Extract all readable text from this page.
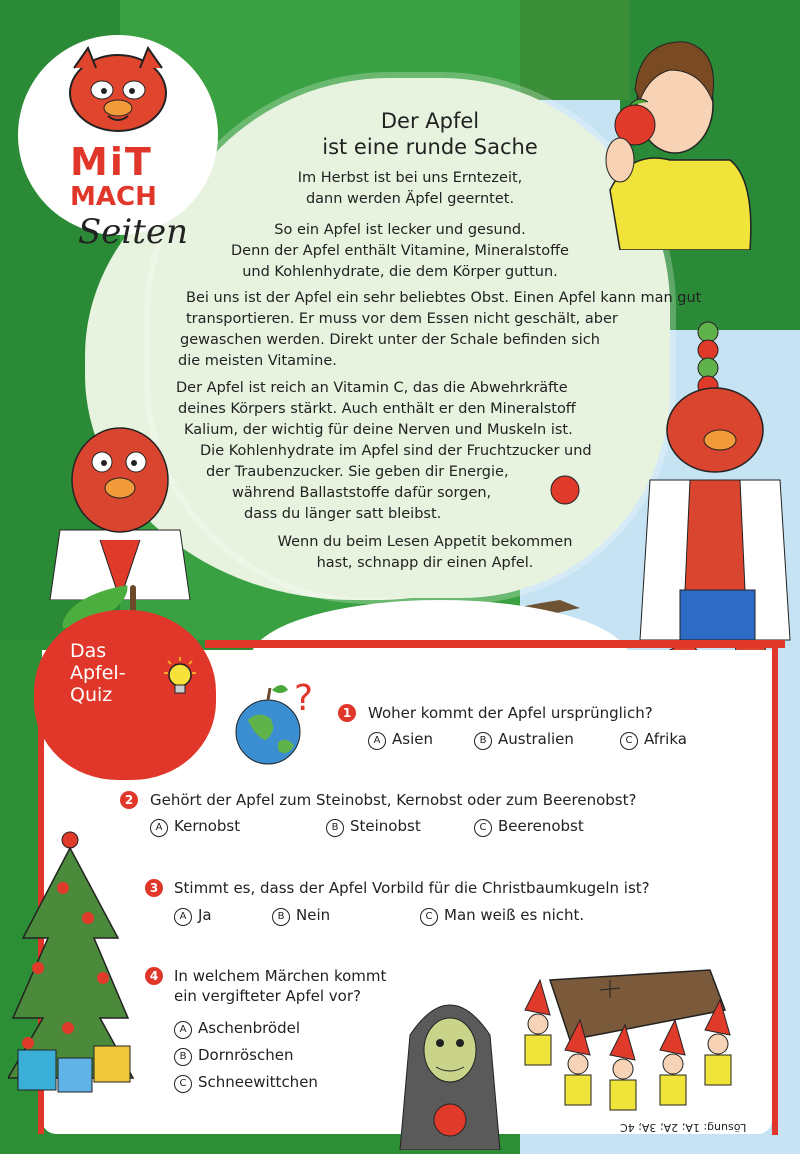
MiT
MACH
Seiten
Der Apfel
ist eine runde Sache
Im Herbst ist bei uns Erntezeit,
dann werden Äpfel geerntet.
So ein Apfel ist lecker und gesund.
Denn der Apfel enthält Vitamine, Mineralstoffe
und Kohlenhydrate, die dem Körper guttun.
Bei uns ist der Apfel ein sehr beliebtes Obst. Einen Apfel kann man gut
transportieren. Er muss vor dem Essen nicht geschält, aber
gewaschen werden. Direkt unter der Schale befinden sich
die meisten Vitamine.
Der Apfel ist reich an Vitamin C, das die Abwehrkräfte
deines Körpers stärkt. Auch enthält er den Mineralstoff
Kalium, der wichtig für deine Nerven und Muskeln ist.
Die Kohlenhydrate im Apfel sind der Fruchtzucker und
der Traubenzucker. Sie geben dir Energie,
während Ballaststoffe dafür sorgen,
dass du länger satt bleibst.
Wenn du beim Lesen Appetit bekommen
hast, schnapp dir einen Apfel.
Das
Apfel-
Quiz	?	1	Woher kommt der Apfel ursprünglich?
A Asien	B Australien	C Afrika
2	Gehört der Apfel zum Steinobst, Kernobst oder zum Beerenobst?
A Kernobst	B Steinobst	C Beerenobst
3	Stimmt es, dass der Apfel Vorbild für die Christbaumkugeln ist?
A Ja	B Nein	C Man weiß es nicht.
4	In welchem Märchen kommt
ein vergifteter Apfel vor?
A Aschenbrödel
B Dornröschen
C Schneewittchen
Lösung: 1A; 2A; 3A; 4C
